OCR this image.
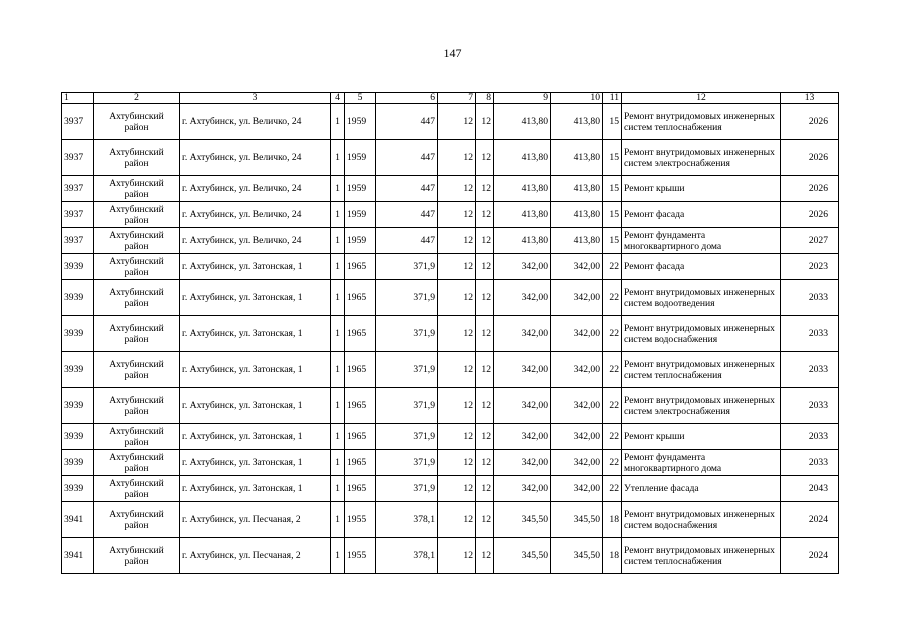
147
1	2	3	4	5	6	7	8	9	10	11	12	13
3937	Ахтубинский район	г. Ахтубинск, ул. Величко, 24	1	1959	447	12	12	413,80	413,80	15	Ремонт внутридомовых инженерных систем теплоснабжения	2026
3937	Ахтубинский район	г. Ахтубинск, ул. Величко, 24	1	1959	447	12	12	413,80	413,80	15	Ремонт внутридомовых инженерных систем электроснабжения	2026
3937	Ахтубинский район	г. Ахтубинск, ул. Величко, 24	1	1959	447	12	12	413,80	413,80	15	Ремонт крыши	2026
3937	Ахтубинский район	г. Ахтубинск, ул. Величко, 24	1	1959	447	12	12	413,80	413,80	15	Ремонт фасада	2026
3937	Ахтубинский район	г. Ахтубинск, ул. Величко, 24	1	1959	447	12	12	413,80	413,80	15	Ремонт фундамента многоквартирного дома	2027
3939	Ахтубинский район	г. Ахтубинск, ул. Затонская, 1	1	1965	371,9	12	12	342,00	342,00	22	Ремонт фасада	2023
3939	Ахтубинский район	г. Ахтубинск, ул. Затонская, 1	1	1965	371,9	12	12	342,00	342,00	22	Ремонт внутридомовых инженерных систем водоотведения	2033
3939	Ахтубинский район	г. Ахтубинск, ул. Затонская, 1	1	1965	371,9	12	12	342,00	342,00	22	Ремонт внутридомовых инженерных систем водоснабжения	2033
3939	Ахтубинский район	г. Ахтубинск, ул. Затонская, 1	1	1965	371,9	12	12	342,00	342,00	22	Ремонт внутридомовых инженерных систем теплоснабжения	2033
3939	Ахтубинский район	г. Ахтубинск, ул. Затонская, 1	1	1965	371,9	12	12	342,00	342,00	22	Ремонт внутридомовых инженерных систем электроснабжения	2033
3939	Ахтубинский район	г. Ахтубинск, ул. Затонская, 1	1	1965	371,9	12	12	342,00	342,00	22	Ремонт крыши	2033
3939	Ахтубинский район	г. Ахтубинск, ул. Затонская, 1	1	1965	371,9	12	12	342,00	342,00	22	Ремонт фундамента многоквартирного дома	2033
3939	Ахтубинский район	г. Ахтубинск, ул. Затонская, 1	1	1965	371,9	12	12	342,00	342,00	22	Утепление фасада	2043
3941	Ахтубинский район	г. Ахтубинск, ул. Песчаная, 2	1	1955	378,1	12	12	345,50	345,50	18	Ремонт внутридомовых инженерных систем водоснабжения	2024
3941	Ахтубинский район	г. Ахтубинск, ул. Песчаная, 2	1	1955	378,1	12	12	345,50	345,50	18	Ремонт внутридомовых инженерных систем теплоснабжения	2024
